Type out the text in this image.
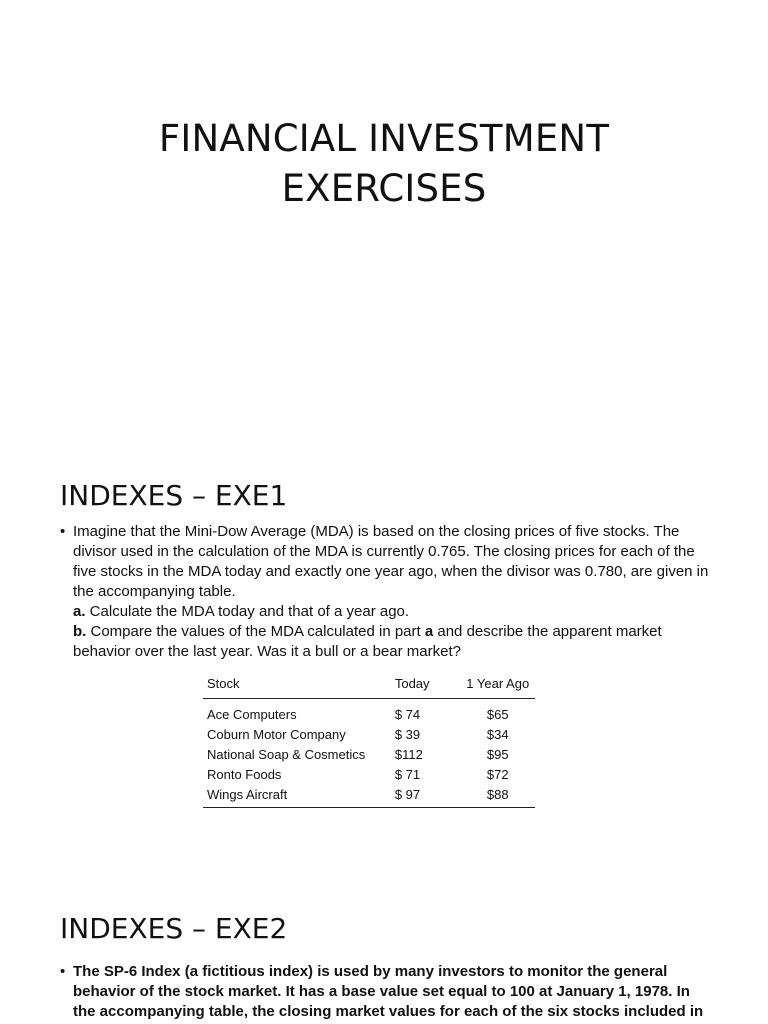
FINANCIAL INVESTMENT
EXERCISES
INDEXES – EXE1
• Imagine that the Mini-Dow Average (MDA) is based on the closing prices of five stocks. The divisor used in the calculation of the MDA is currently 0.765. The closing prices for each of the five stocks in the MDA today and exactly one year ago, when the divisor was 0.780, are given in the accompanying table.

a. Calculate the MDA today and that of a year ago.

b. Compare the values of the MDA calculated in part a and describe the apparent market behavior over the last year. Was it a bull or a bear market?

Stock	Today	1 Year Ago
Ace Computers	$ 74	$65
Coburn Motor Company	$ 39	$34
National Soap & Cosmetics	$112	$95
Ronto Foods	$ 71	$72
Wings Aircraft	$ 97	$88
INDEXES – EXE2
• The SP-6 Index (a fictitious index) is used by many investors to monitor the general behavior of the stock market. It has a base value set equal to 100 at January 1, 1978. In the accompanying table, the closing market values for each of the six stocks included in
